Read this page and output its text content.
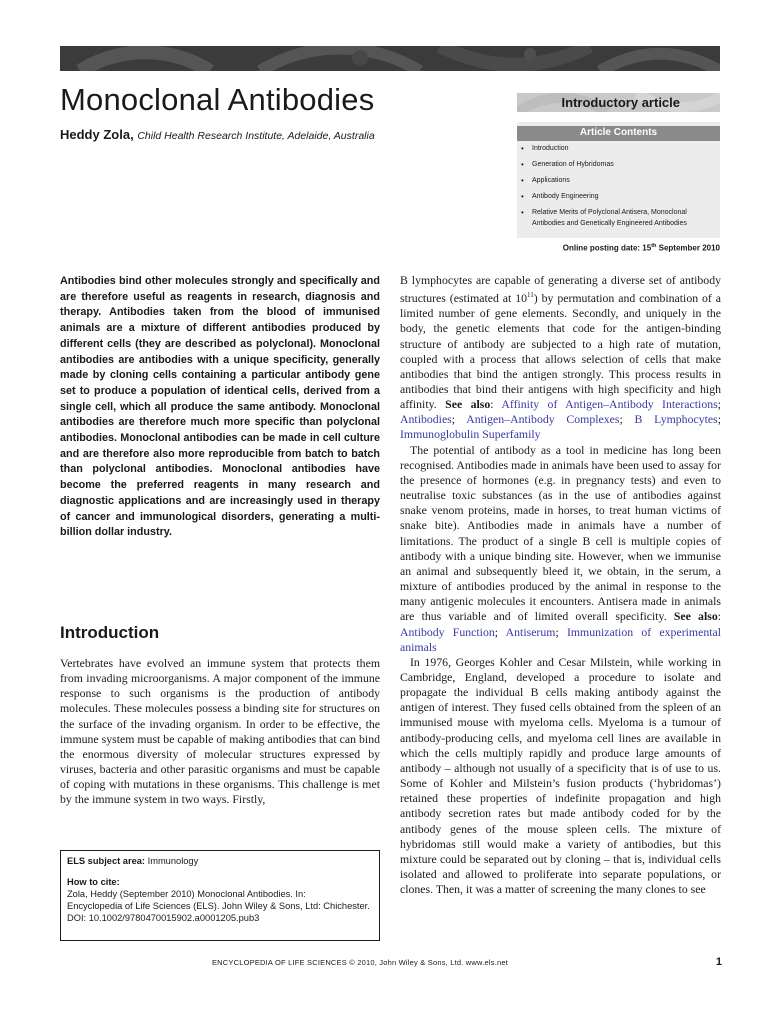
Monoclonal Antibodies
Heddy Zola, Child Health Research Institute, Adelaide, Australia
Introductory article
Article Contents
• Introduction
• Generation of Hybridomas
• Applications
• Antibody Engineering
• Relative Merits of Polyclonal Antisera, Monoclonal Antibodies and Genetically Engineered Antibodies
Online posting date: 15th September 2010
Antibodies bind other molecules strongly and specifically and are therefore useful as reagents in research, diagnosis and therapy. Antibodies taken from the blood of immunised animals are a mixture of different antibodies produced by different cells (they are described as polyclonal). Monoclonal antibodies are antibodies with a unique specificity, generally made by cloning cells containing a particular antibody gene set to produce a population of identical cells, derived from a single cell, which all produce the same antibody. Monoclonal antibodies are therefore much more specific than polyclonal antibodies. Monoclonal antibodies can be made in cell culture and are therefore also more reproducible from batch to batch than polyclonal antibodies. Monoclonal antibodies have become the preferred reagents in many research and diagnostic applications and are increasingly used in therapy of cancer and immunological disorders, generating a multi-billion dollar industry.
Introduction

Vertebrates have evolved an immune system that protects them from invading microorganisms. A major component of the immune response to such organisms is the production of antibody molecules. These molecules possess a binding site for structures on the surface of the invading organism. In order to be effective, the immune system must be capable of making antibodies that can bind the enormous diversity of molecular structures expressed by viruses, bacteria and other parasitic organisms and must be capable of coping with mutations in these organisms. This challenge is met by the immune system in two ways. Firstly,

ELS subject area: Immunology
How to cite:
Zola, Heddy (September 2010) Monoclonal Antibodies. In:
Encyclopedia of Life Sciences (ELS). John Wiley & Sons, Ltd: Chichester.
DOI: 10.1002/9780470015902.a0001205.pub3

B lymphocytes are capable of generating a diverse set of antibody structures (estimated at $10^{11}$) by permutation and combination of a limited number of gene elements. Secondly, and uniquely in the body, the genetic elements that code for the antigen-binding structure of antibody are subjected to a high rate of mutation, coupled with a process that allows selection of cells that make antibodies that bind the antigen strongly. This process results in antibodies that bind their antigens with high specificity and high affinity. See also: Affinity of Antigen–Antibody Interactions; Antibodies; Antigen–Antibody Complexes; B Lymphocytes; Immunoglobulin Superfamily

The potential of antibody as a tool in medicine has long been recognised. Antibodies made in animals have been used to assay for the presence of hormones (e.g. in pregnancy tests) and even to neutralise toxic substances (as in the use of antibodies against snake venom proteins, made in horses, to treat human victims of snake bite). Antibodies made in animals have a number of limitations. The product of a single B cell is multiple copies of antibody with a unique binding site. However, when we immunise an animal and subsequently bleed it, we obtain, in the serum, a mixture of antibodies produced by the animal in response to the many antigenic molecules it encounters. Antisera made in animals are thus variable and of limited overall specificity. See also: Antibody Function; Antiserum; Immunization of experimental animals

In 1976, Georges Kohler and Cesar Milstein, while working in Cambridge, England, developed a procedure to isolate and propagate the individual B cells making antibody against the antigen of interest. They fused cells obtained from the spleen of an immunised mouse with myeloma cells. Myeloma is a tumour of antibody-producing cells, and myeloma cell lines are available in which the cells multiply rapidly and produce large amounts of antibody – although not usually of a specificity that is of use to us. Some of Kohler and Milstein’s fusion products (‘hybridomas’) retained these properties of indefinite propagation and high antibody secretion rates but made antibody coded for by the antibody genes of the mouse spleen cells. The mixture of hybridomas still would make a variety of antibodies, but this mixture could be separated out by cloning – that is, individual cells isolated and allowed to proliferate into separate populations, or clones. Then, it was a matter of screening the many clones to see

ENCYCLOPEDIA OF LIFE SCIENCES © 2010, John Wiley & Sons, Ltd. www.els.net	1
